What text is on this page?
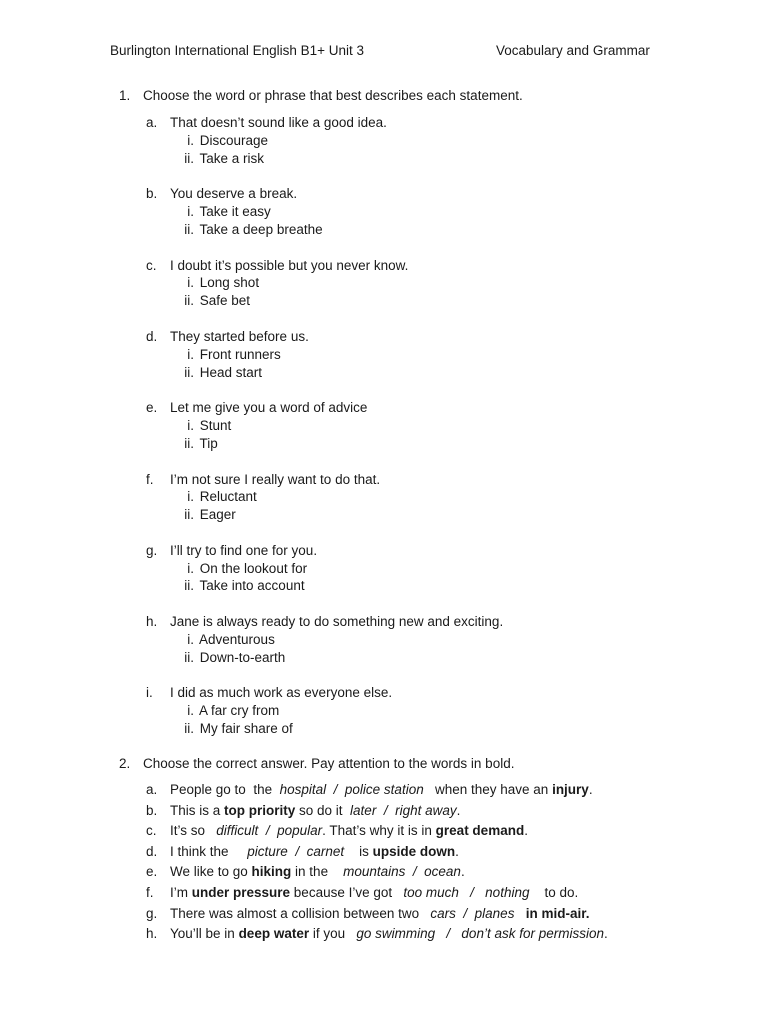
Burlington International English B1+ Unit 3	Vocabulary and Grammar
1. Choose the word or phrase that best describes each statement.
a. That doesn’t sound like a good idea.
i. Discourage
ii. Take a risk
b. You deserve a break.
i. Take it easy
ii. Take a deep breathe
c. I doubt it’s possible but you never know.
i. Long shot
ii. Safe bet
d. They started before us.
i. Front runners
ii. Head start
e. Let me give you a word of advice
i. Stunt
ii. Tip
f. I’m not sure I really want to do that.
i. Reluctant
ii. Eager
g. I’ll try to find one for you.
i. On the lookout for
ii. Take into account
h. Jane is always ready to do something new and exciting.
i. Adventurous
ii. Down-to-earth
i. I did as much work as everyone else.
i. A far cry from
ii. My fair share of
2. Choose the correct answer. Pay attention to the words in bold.
a. People go to  the  hospital  /  police station   when they have an injury.
b. This is a top priority so do it  later  /  right away.
c. It’s so   difficult  /  popular. That’s why it is in great demand.
d. I think the     picture  /  carnet    is upside down.
e. We like to go hiking in the    mountains  /  ocean.
f. I’m under pressure because I’ve got   too much   /   nothing    to do.
g. There was almost a collision between two   cars  /  planes in mid-air.
h. You’ll be in deep water if you   go swimming   /   don’t ask for permission.
